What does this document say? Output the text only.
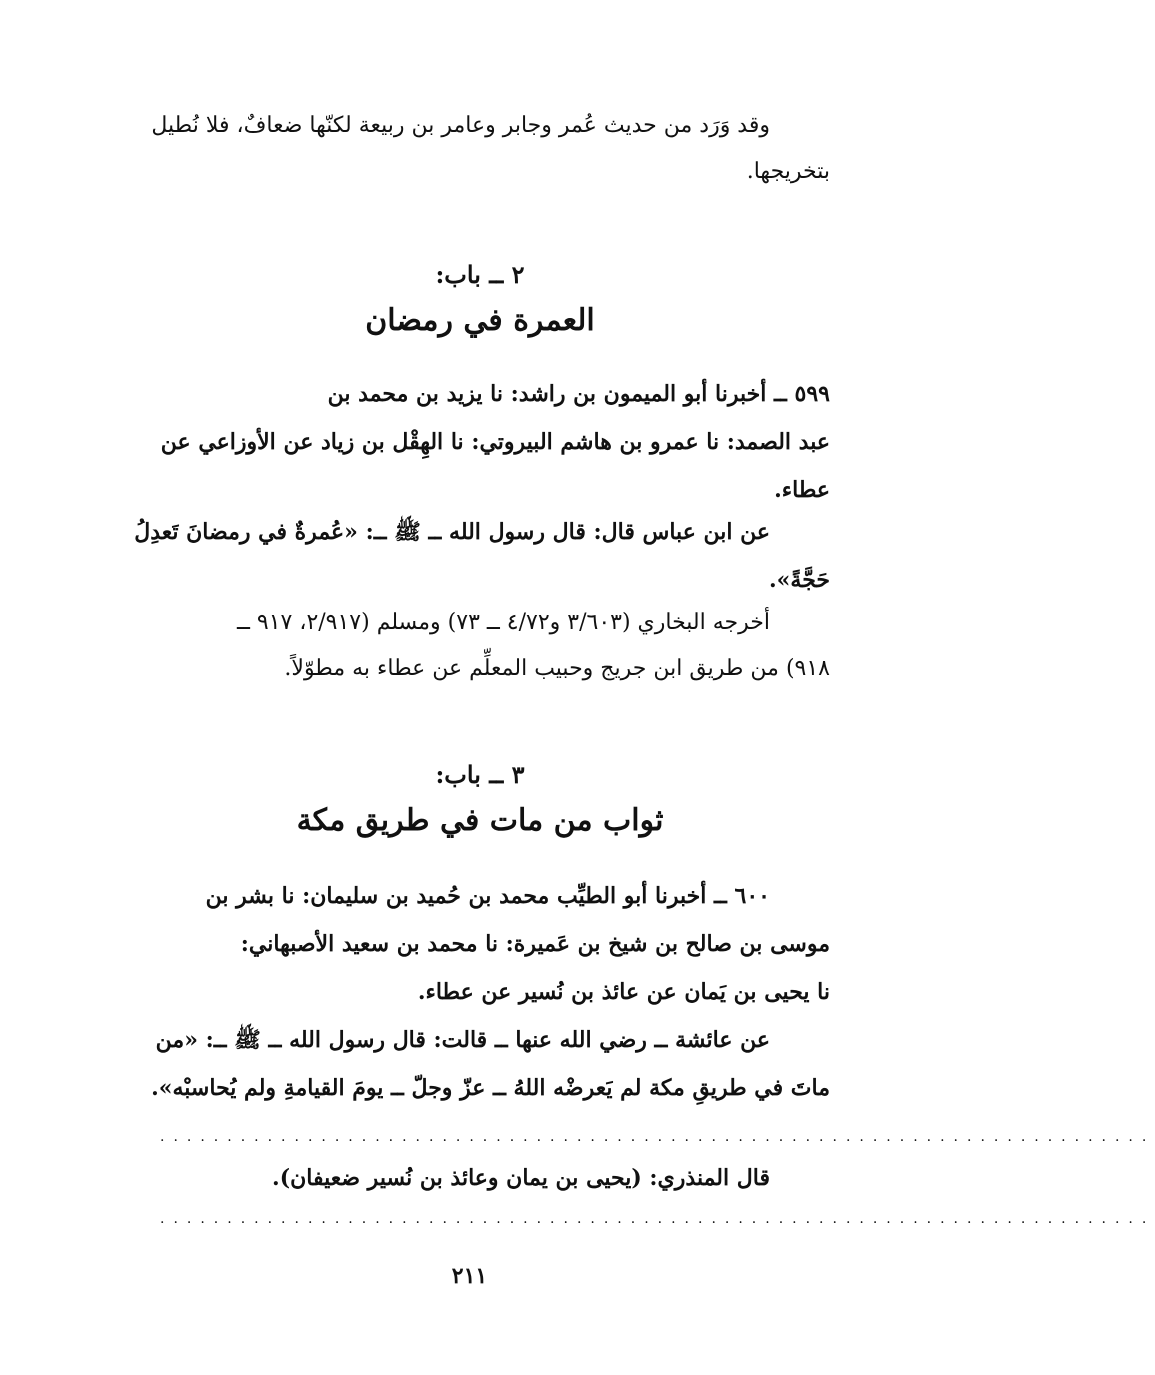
وقد وَرَد من حديث عُمر وجابر وعامر بن ربيعة لكنّها ضعافٌ، فلا نُطيل
بتخريجها.
٢ ــ باب:
العمرة في رمضان
٥٩٩ ــ أخبرنا أبو الميمون بن راشد: نا يزيد بن محمد بن
عبد الصمد: نا عمرو بن هاشم البيروتي: نا الهِقْل بن زياد عن الأوزاعي عن
عطاء.
عن ابن عباس قال: قال رسول الله ــ ﷺ ــ: «عُمرةٌ في رمضانَ تَعدِلُ
حَجَّةً».
أخرجه البخاري (٣/٦٠٣ و٤/٧٢ ــ ٧٣) ومسلم (٢/٩١٧، ٩١٧ ــ
٩١٨) من طريق ابن جريج وحبيب المعلِّم عن عطاء به مطوّلاً.
٣ ــ باب:
ثواب من مات في طريق مكة
٦٠٠ ــ أخبرنا أبو الطيِّب محمد بن حُميد بن سليمان: نا بشر بن
موسى بن صالح بن شيخ بن عَميرة: نا محمد بن سعيد الأصبهاني:
نا يحيى بن يَمان عن عائذ بن نُسير عن عطاء.
عن عائشة ــ رضي الله عنها ــ قالت: قال رسول الله ــ ﷺ ــ: «من
ماتَ في طريقِ مكة لم يَعرضْه اللهُ ــ عزّ وجلّ ــ يومَ القيامةِ ولم يُحاسبْه».
..........................................................................
قال المنذري: (يحيى بن يمان وعائذ بن نُسير ضعيفان).
..........................................................................
٢١١
